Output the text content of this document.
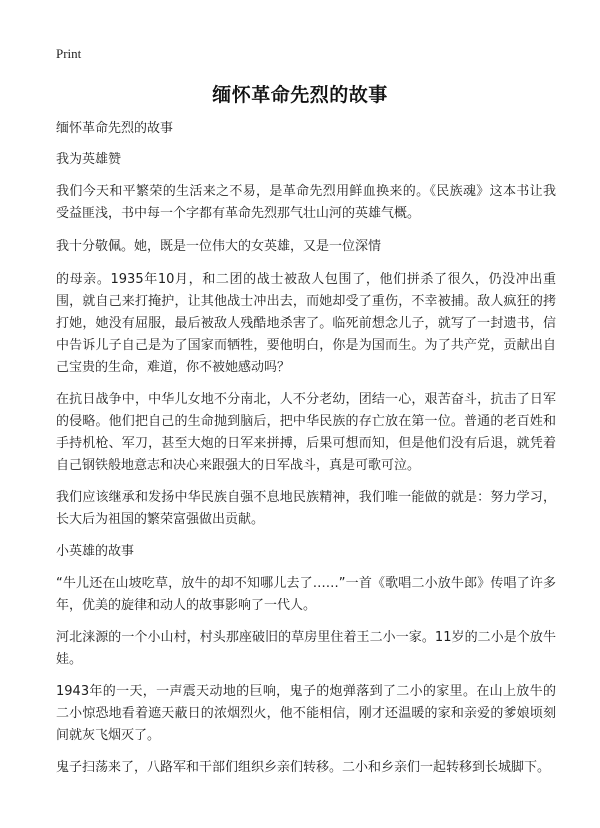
Print
缅怀革命先烈的故事

缅怀革命先烈的故事

我为英雄赞

我们今天和平繁荣的生活来之不易，是革命先烈用鲜血换来的。《民族魂》这本书让我受益匪浅，书中每一个字都有革命先烈那气壮山河的英雄气概。

我十分敬佩。她，既是一位伟大的女英雄，又是一位深情

的母亲。1935年10月，和二团的战士被敌人包围了，他们拼杀了很久，仍没冲出重围，就自己来打掩护，让其他战士冲出去，而她却受了重伤，不幸被捕。敌人疯狂的拷打她，她没有屈服，最后被敌人残酷地杀害了。临死前想念儿子，就写了一封遗书，信中告诉儿子自己是为了国家而牺牲，要他明白，你是为国而生。为了共产党，贡献出自己宝贵的生命，难道，你不被她感动吗？

在抗日战争中，中华儿女地不分南北，人不分老幼，团结一心，艰苦奋斗，抗击了日军的侵略。他们把自己的生命抛到脑后，把中华民族的存亡放在第一位。普通的老百姓和手持机枪、军刀，甚至大炮的日军来拼搏，后果可想而知，但是他们没有后退，就凭着自己钢铁般地意志和决心来跟强大的日军战斗，真是可歌可泣。

我们应该继承和发扬中华民族自强不息地民族精神，我们唯一能做的就是：努力学习，长大后为祖国的繁荣富强做出贡献。

小英雄的故事

“牛儿还在山坡吃草，放牛的却不知哪儿去了……”一首《歌唱二小放牛郎》传唱了许多年，优美的旋律和动人的故事影响了一代人。

河北涞源的一个小山村，村头那座破旧的草房里住着王二小一家。11岁的二小是个放牛娃。

1943年的一天，一声震天动地的巨响，鬼子的炮弹落到了二小的家里。在山上放牛的二小惊恐地看着遮天蔽日的浓烟烈火，他不能相信，刚才还温暖的家和亲爱的爹娘顷刻间就灰飞烟灭了。

鬼子扫荡来了，八路军和干部们组织乡亲们转移。二小和乡亲们一起转移到长城脚下。
